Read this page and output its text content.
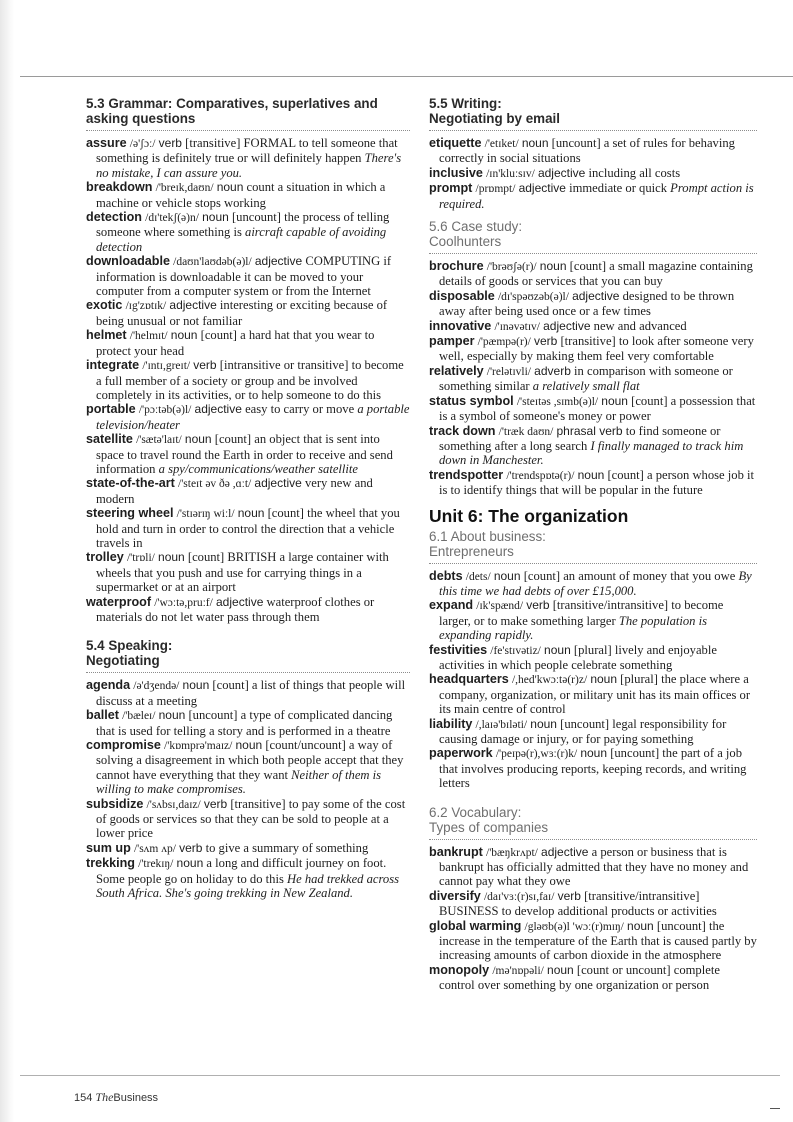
5.3 Grammar: Comparatives, superlatives and
asking questions

assure /ə'ʃɔː/ verb [transitive] FORMAL to tell someone that something is definitely true or will definitely happen There's no mistake, I can assure you.

breakdown /'breɪk,daʊn/ noun count a situation in which a machine or vehicle stops working

detection /dɪ'tekʃ(ə)n/ noun [uncount] the process of telling someone where something is aircraft capable of avoiding detection

downloadable /daʊn'laʊdəb(ə)l/ adjective COMPUTING if information is downloadable it can be moved to your computer from a computer system or from the Internet

exotic /ɪg'zɒtɪk/ adjective interesting or exciting because of being unusual or not familiar

helmet /'helmɪt/ noun [count] a hard hat that you wear to protect your head

integrate /'ɪntɪ,greɪt/ verb [intransitive or transitive] to become a full member of a society or group and be involved completely in its activities, or to help someone to do this

portable /'pɔːtəb(ə)l/ adjective easy to carry or move a portable television/heater

satellite /'sætə'laɪt/ noun [count] an object that is sent into space to travel round the Earth in order to receive and send information a spy/communications/weather satellite

state-of-the-art /'steɪt əv ðə ,ɑːt/ adjective very new and modern

steering wheel /'stɪərɪŋ wiːl/ noun [count] the wheel that you hold and turn in order to control the direction that a vehicle travels in

trolley /'trɒli/ noun [count] BRITISH a large container with wheels that you push and use for carrying things in a supermarket or at an airport

waterproof /'wɔːtə,pruːf/ adjective waterproof clothes or materials do not let water pass through them

5.4 Speaking:
Negotiating

agenda /ə'dʒendə/ noun [count] a list of things that people will discuss at a meeting

ballet /'bæleɪ/ noun [uncount] a type of complicated dancing that is used for telling a story and is performed in a theatre

compromise /'kɒmprə'maɪz/ noun [count/uncount] a way of solving a disagreement in which both people accept that they cannot have everything that they want Neither of them is willing to make compromises.

subsidize /'sʌbsɪ,daɪz/ verb [transitive] to pay some of the cost of goods or services so that they can be sold to people at a lower price

sum up /'sʌm ʌp/ verb to give a summary of something

trekking /'trekɪŋ/ noun a long and difficult journey on foot. Some people go on holiday to do this He had trekked across South Africa. She's going trekking in New Zealand.

5.5 Writing:
Negotiating by email

etiquette /'etɪket/ noun [uncount] a set of rules for behaving correctly in social situations

inclusive /ɪn'kluːsɪv/ adjective including all costs

prompt /prɒmpt/ adjective immediate or quick Prompt action is required.

5.6 Case study:
Coolhunters

brochure /'brəʊʃə(r)/ noun [count] a small magazine containing details of goods or services that you can buy

disposable /dɪ'spəʊzəb(ə)l/ adjective designed to be thrown away after being used once or a few times

innovative /'ɪnəvətɪv/ adjective new and advanced

pamper /'pæmpə(r)/ verb [transitive] to look after someone very well, especially by making them feel very comfortable

relatively /'relətɪvli/ adverb in comparison with someone or something similar a relatively small flat

status symbol /'steɪtəs ,sɪmb(ə)l/ noun [count] a possession that is a symbol of someone's money or power

track down /'træk daʊn/ phrasal verb to find someone or something after a long search I finally managed to track him down in Manchester.

trendspotter /'trendspɒtə(r)/ noun [count] a person whose job it is to identify things that will be popular in the future

Unit 6: The organization
6.1 About business:
Entrepreneurs

debts /dets/ noun [count] an amount of money that you owe By this time we had debts of over £15,000.

expand /ɪk'spænd/ verb [transitive/intransitive] to become larger, or to make something larger The population is expanding rapidly.

festivities /fe'stɪvətiz/ noun [plural] lively and enjoyable activities in which people celebrate something

headquarters /,hed'kwɔːtə(r)z/ noun [plural] the place where a company, organization, or military unit has its main offices or its main centre of control

liability /,laɪə'bɪləti/ noun [uncount] legal responsibility for causing damage or injury, or for paying something

paperwork /'peɪpə(r),wɜː(r)k/ noun [uncount] the part of a job that involves producing reports, keeping records, and writing letters

6.2 Vocabulary:
Types of companies

bankrupt /'bæŋkrʌpt/ adjective a person or business that is bankrupt has officially admitted that they have no money and cannot pay what they owe

diversify /daɪ'vɜː(r)sɪ,faɪ/ verb [transitive/intransitive] BUSINESS to develop additional products or activities

global warming /gləʊb(ə)l 'wɔː(r)mɪŋ/ noun [uncount] the increase in the temperature of the Earth that is caused partly by increasing amounts of carbon dioxide in the atmosphere

monopoly /mə'nɒpəli/ noun [count or uncount] complete control over something by one organization or person

154 TheBusiness
